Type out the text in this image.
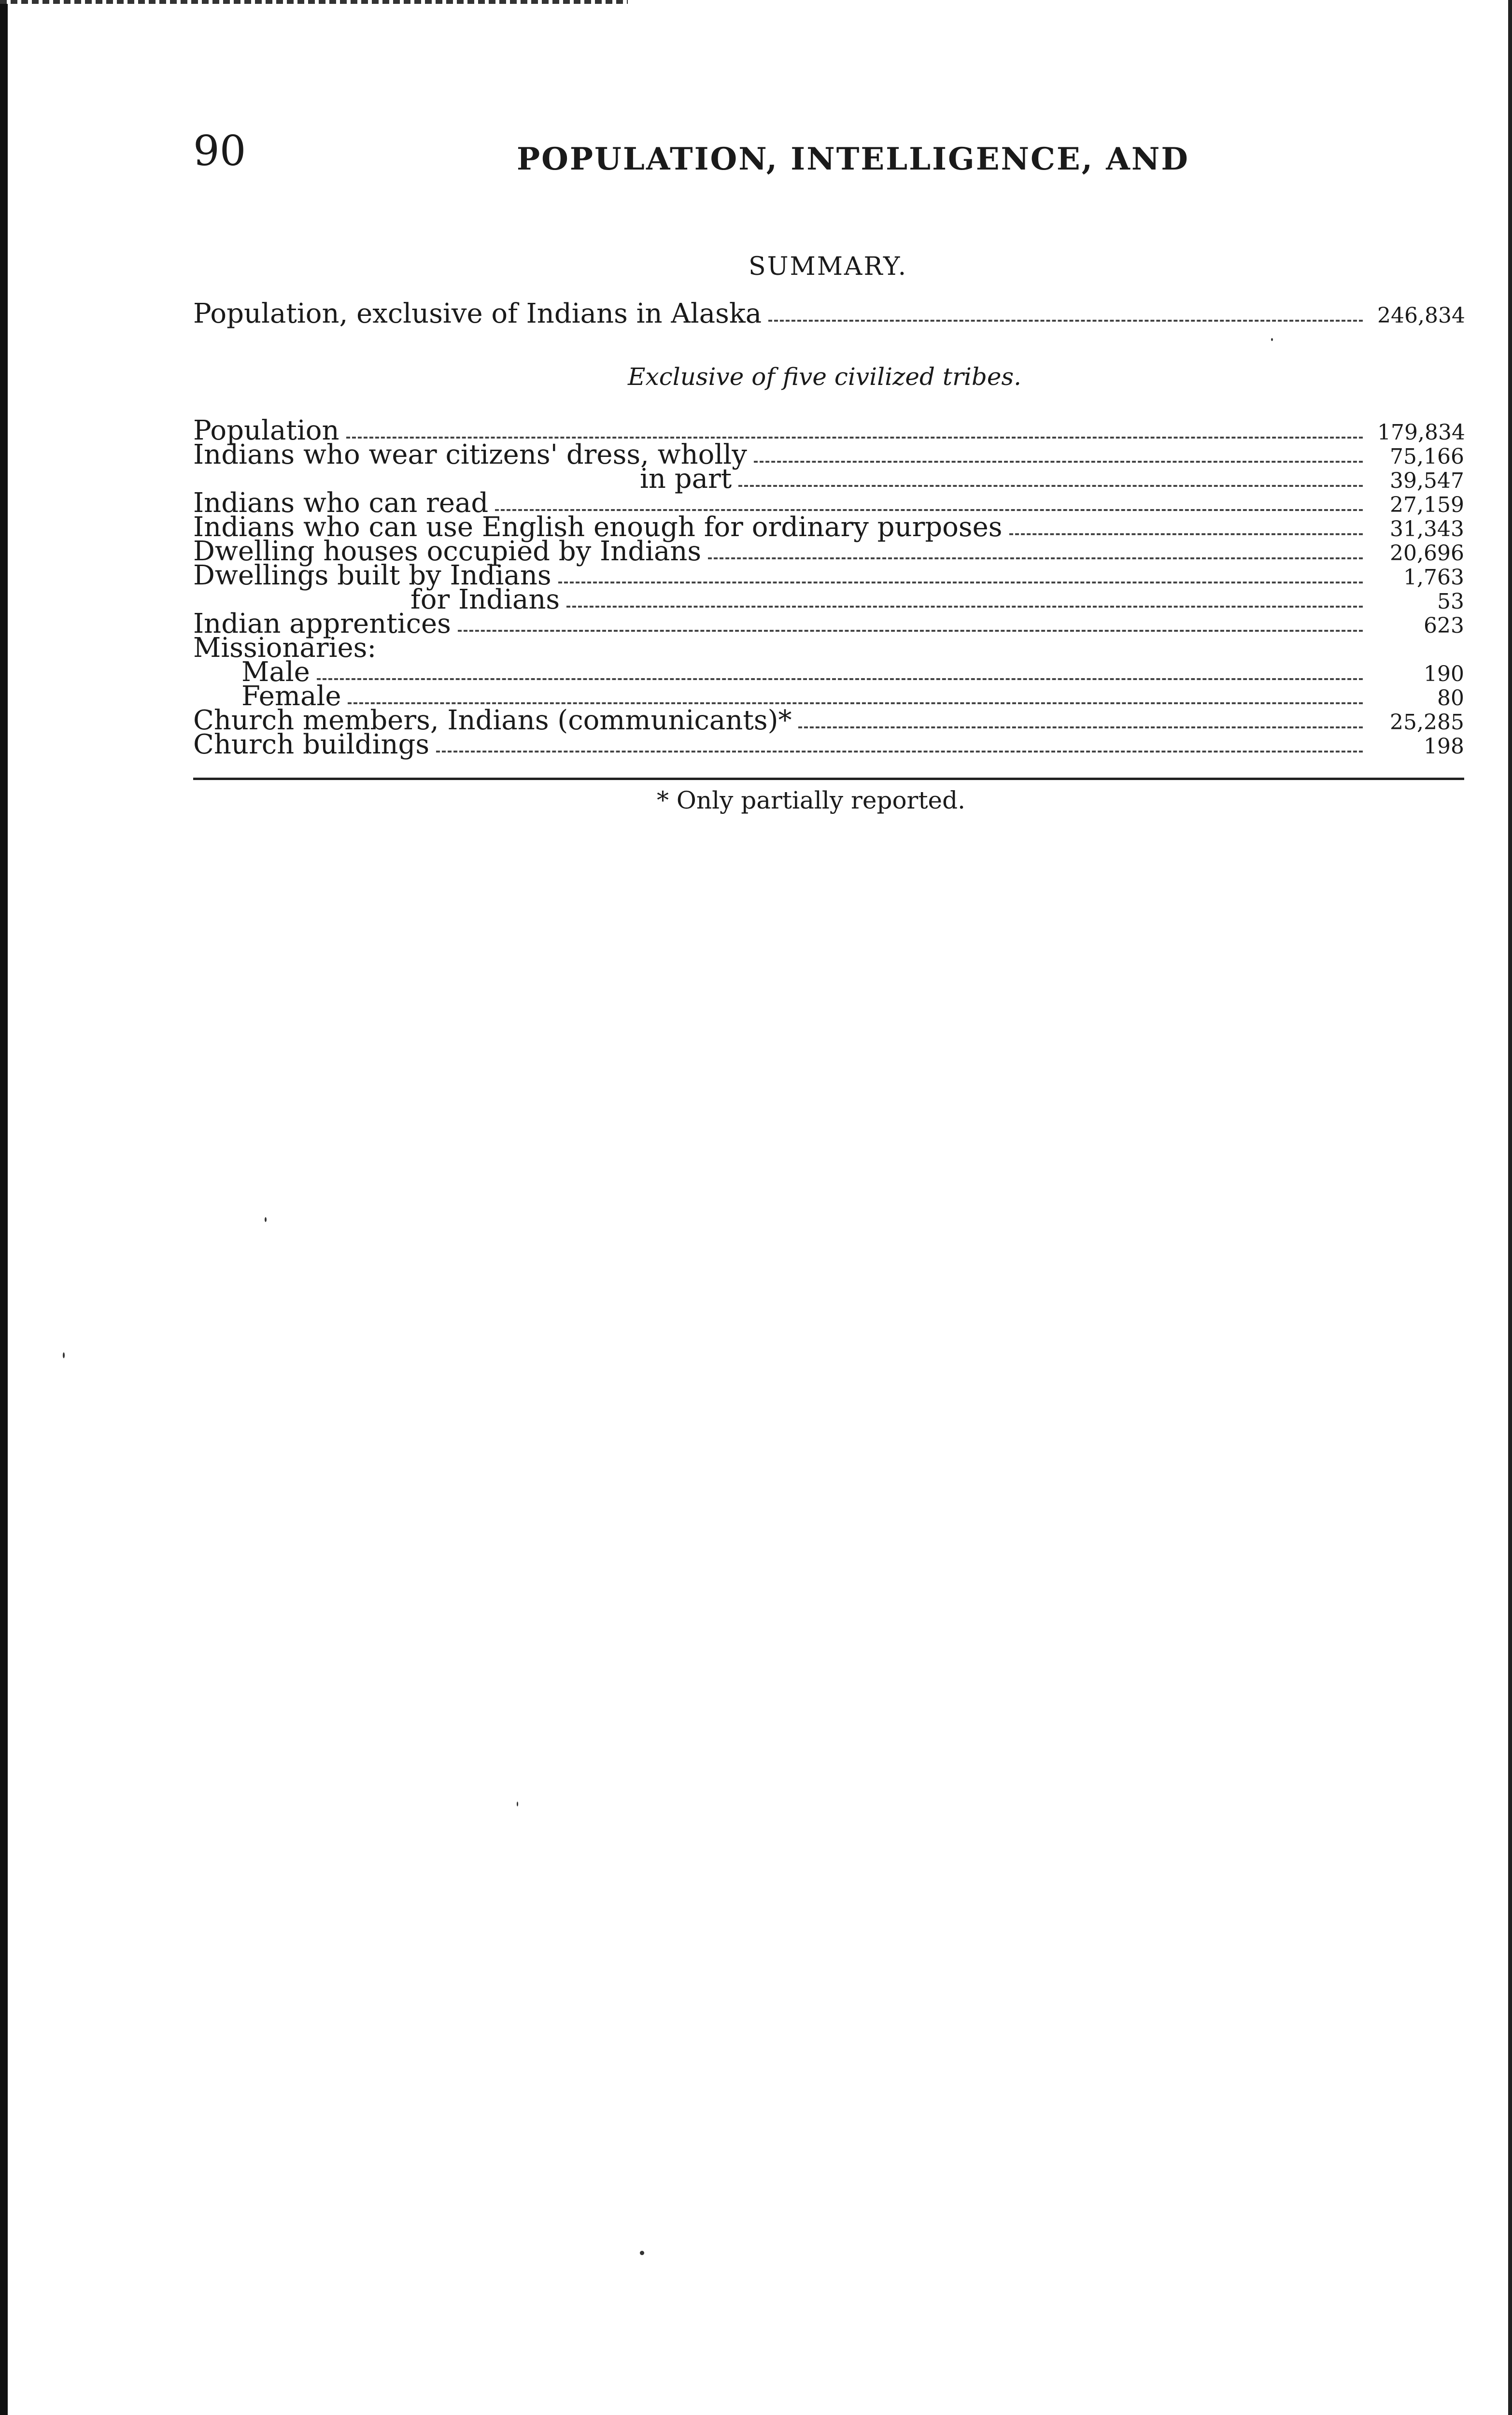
90	POPULATION, INTELLIGENCE, AND
SUMMARY.
Population, exclusive of Indians in Alaska	246,834
Exclusive of five civilized tribes.
Population	179,834
Indians who wear citizens' dress, wholly	75,166
in part	39,547
Indians who can read	27,159
Indians who can use English enough for ordinary purposes	31,343
Dwelling houses occupied by Indians	20,696
Dwellings built by Indians	1,763
for Indians	53
Indian apprentices	623
Missionaries:
Male	190
Female	80
Church members, Indians (communicants)*	25,285
Church buildings	198
* Only partially reported.
